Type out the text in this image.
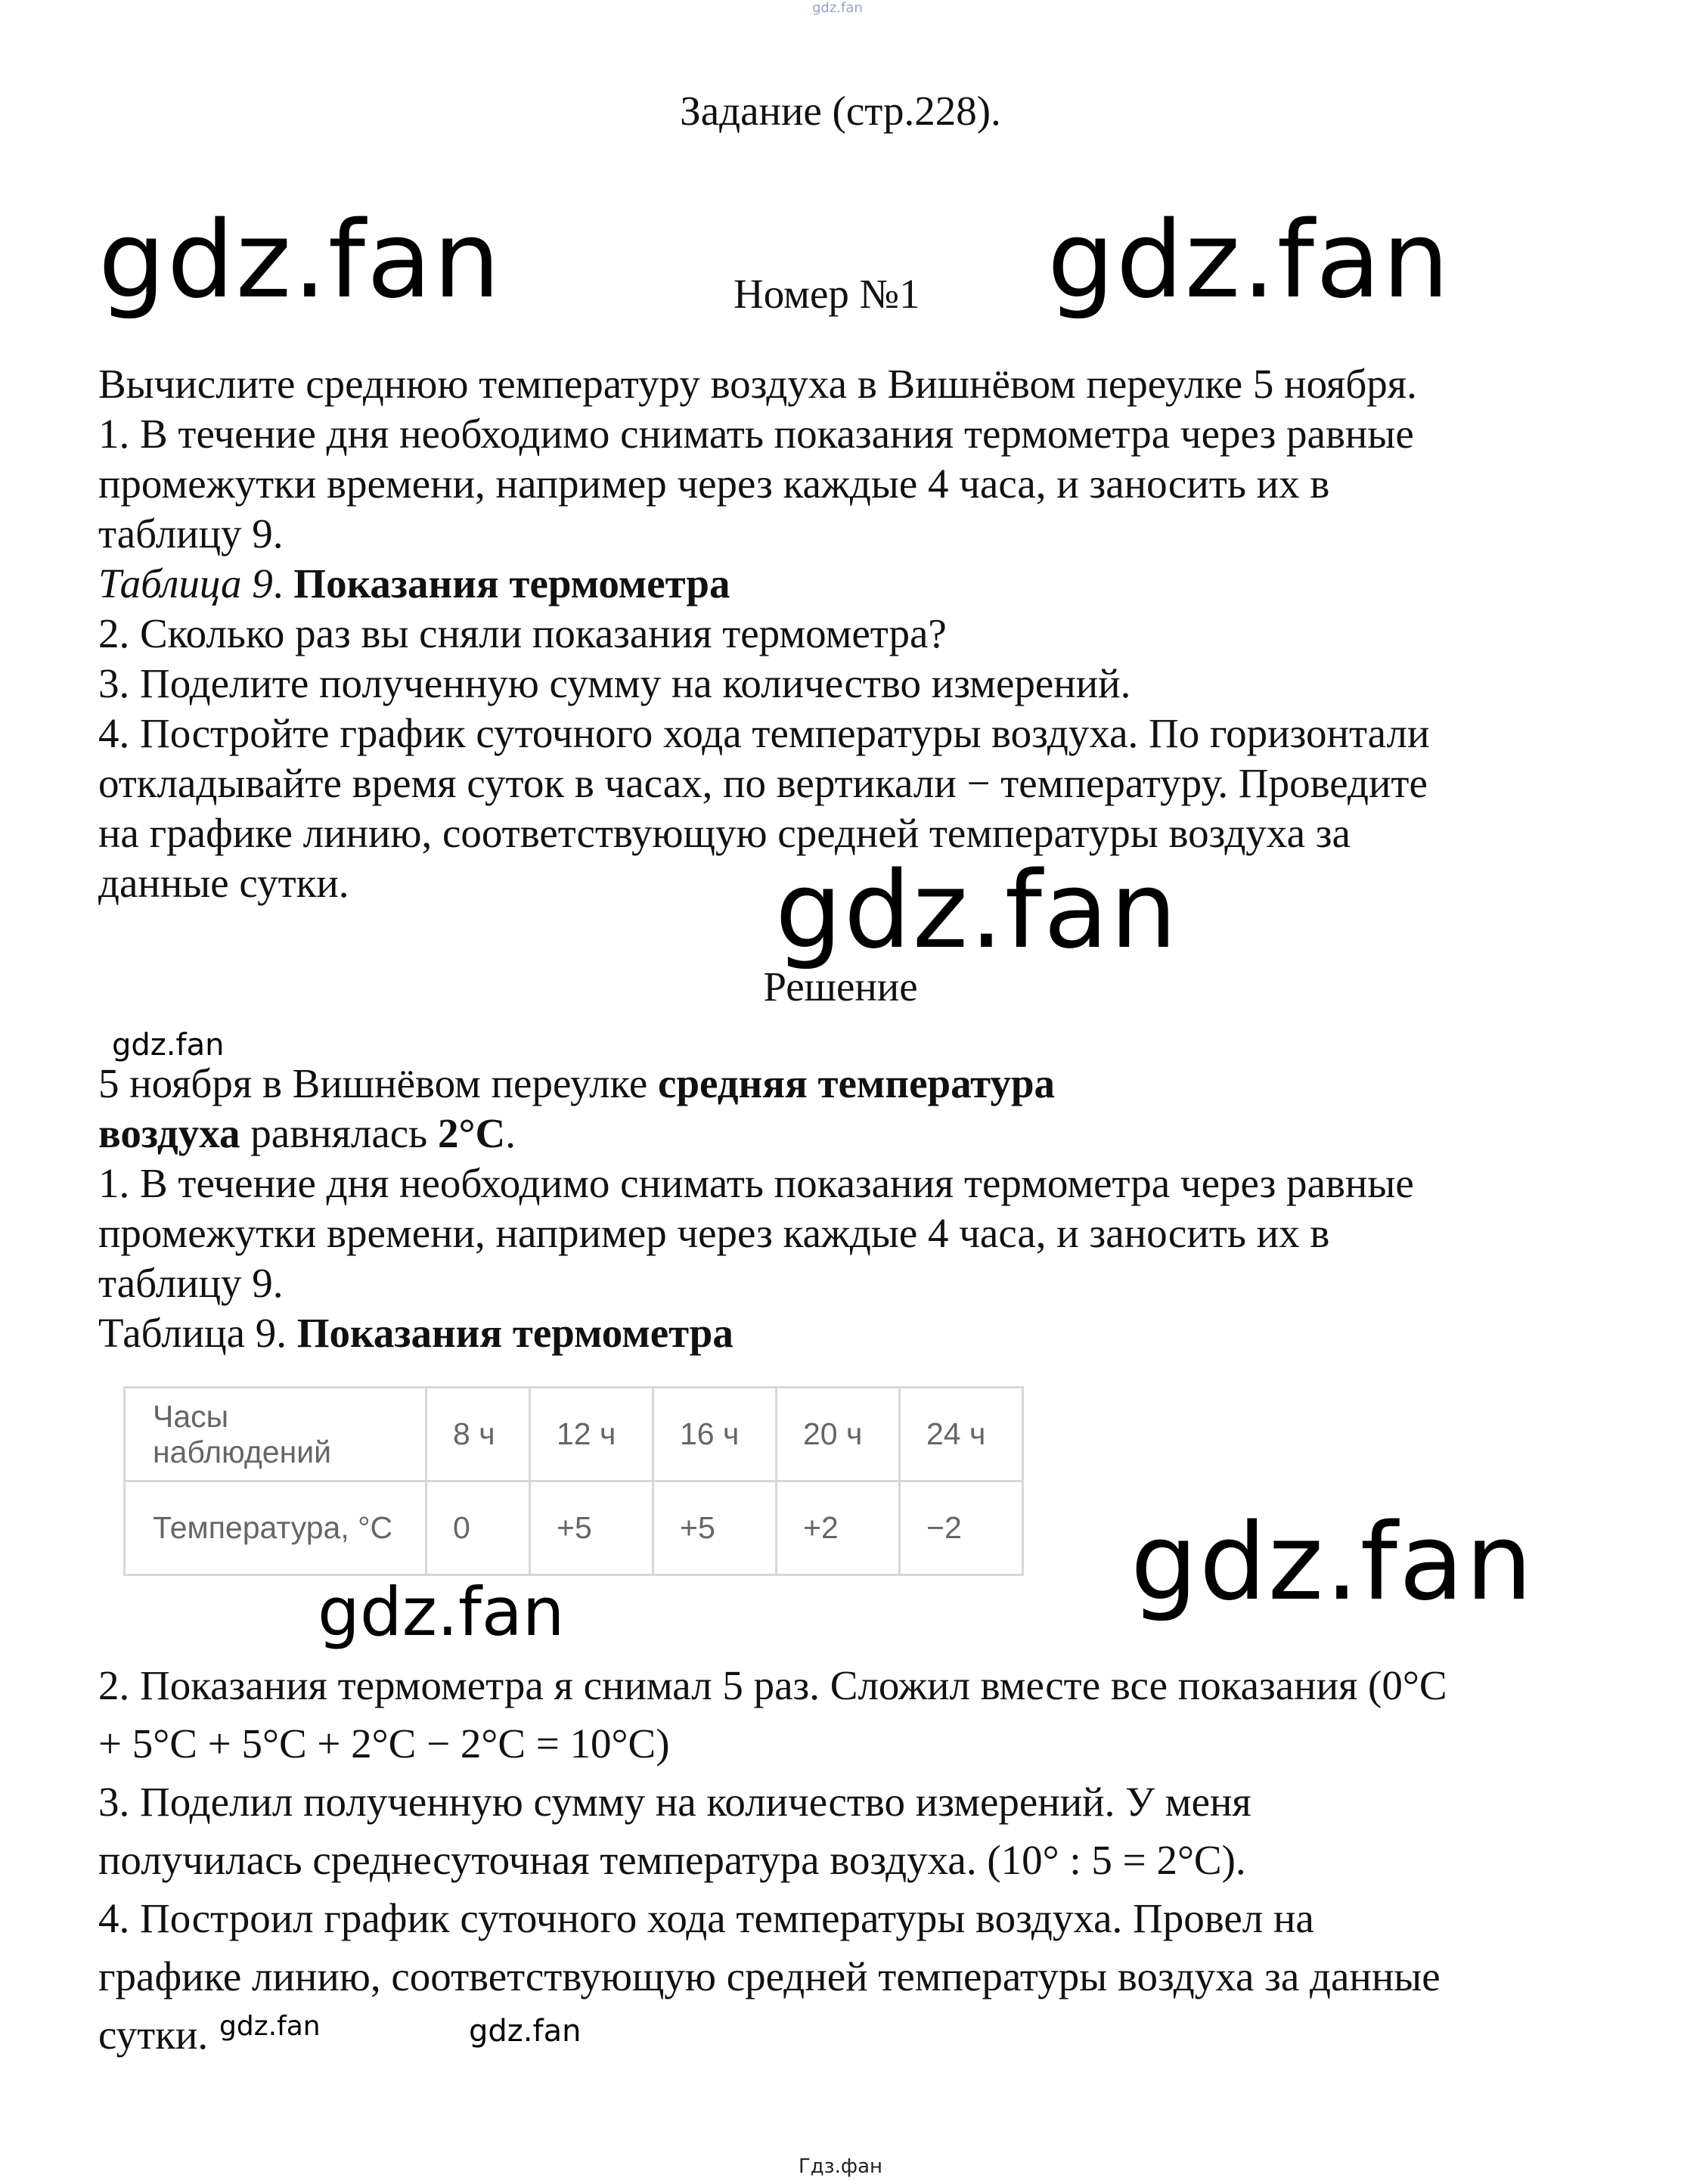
gdz.fan
Задание (стр.228).
gdz.fan	Номер №1 gdz.fan

Вычислите среднюю температуру воздуха в Вишнёвом переулке 5 ноября.

1. В течение дня необходимо снимать показания термометра через равные

промежутки времени, например через каждые 4 часа, и заносить их в

таблицу 9.

Таблица 9. Показания термометра

2. Сколько раз вы сняли показания термометра?

3. Поделите полученную сумму на количество измерений.

4. Постройте график суточного хода температуры воздуха. По горизонтали

откладывайте время суток в часах, по вертикали − температуру. Проведите

на графике линию, соответствующую средней температуры воздуха за

данные сутки.	gdz.fan
Решение
gdz.fan

5 ноября в Вишнёвом переулке средняя температура

воздуха равнялась 2°С.

1. В течение дня необходимо снимать показания термометра через равные

промежутки времени, например через каждые 4 часа, и заносить их в

таблицу 9.

Таблица 9. Показания термометра

Часы наблюдений	8 ч	12 ч	16 ч	20 ч	24 ч
Температура, °С	0	+5	+5	+2	−2 gdz.fan
gdz.fan

2. Показания термометра я снимал 5 раз. Сложил вместе все показания (0°С

+ 5°С + 5°С + 2°С − 2°С = 10°С)

3. Поделил полученную сумму на количество измерений. У меня

получилась среднесуточная температура воздуха. (10° : 5 = 2°С).

4. Построил график суточного хода температуры воздуха. Провел на

графике линию, соответствующую средней температуры воздуха за данные

сутки. gdz.fan	gdz.fan
Гдз.фан
